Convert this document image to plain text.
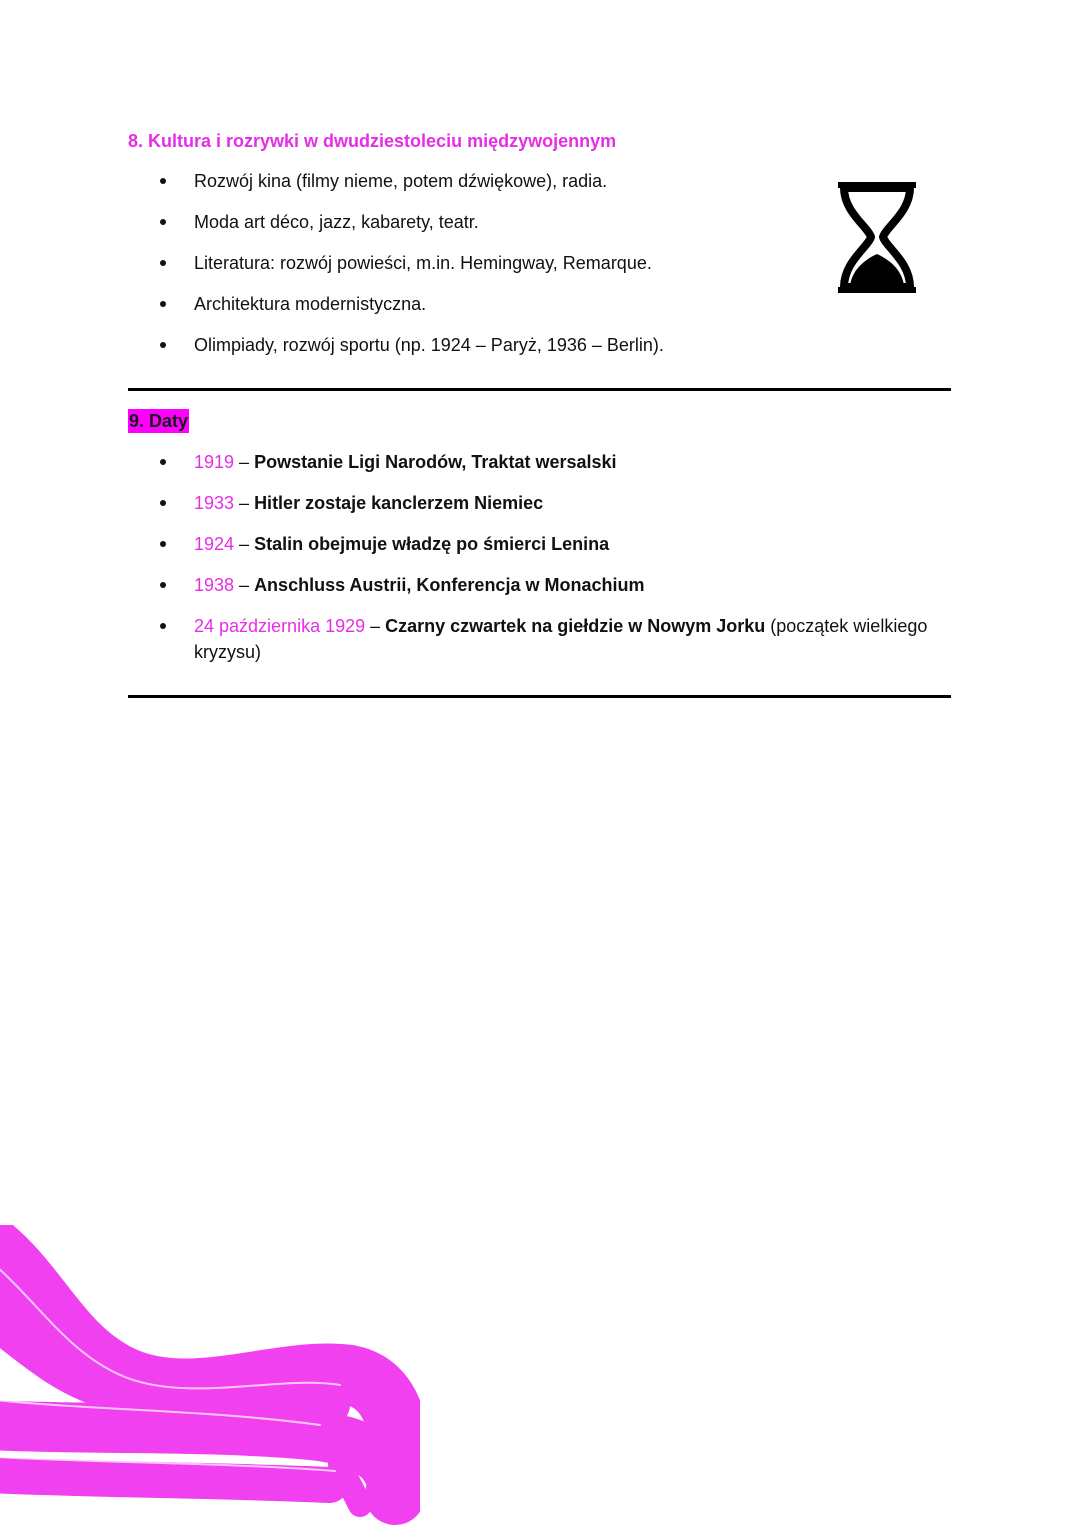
8. Kultura i rozrywki w dwudziestoleciu międzywojennym
Rozwój kina (filmy nieme, potem dźwiękowe), radia.
Moda art déco, jazz, kabarety, teatr.
Literatura: rozwój powieści, m.in. Hemingway, Remarque.
Architektura modernistyczna.
Olimpiady, rozwój sportu (np. 1924 – Paryż, 1936 – Berlin).
9. Daty
1919 – Powstanie Ligi Narodów, Traktat wersalski
1933 – Hitler zostaje kanclerzem Niemiec
1924 – Stalin obejmuje władzę po śmierci Lenina
1938 – Anschluss Austrii, Konferencja w Monachium
24 października 1929 – Czarny czwartek na giełdzie w Nowym Jorku (początek wielkiego kryzysu)
